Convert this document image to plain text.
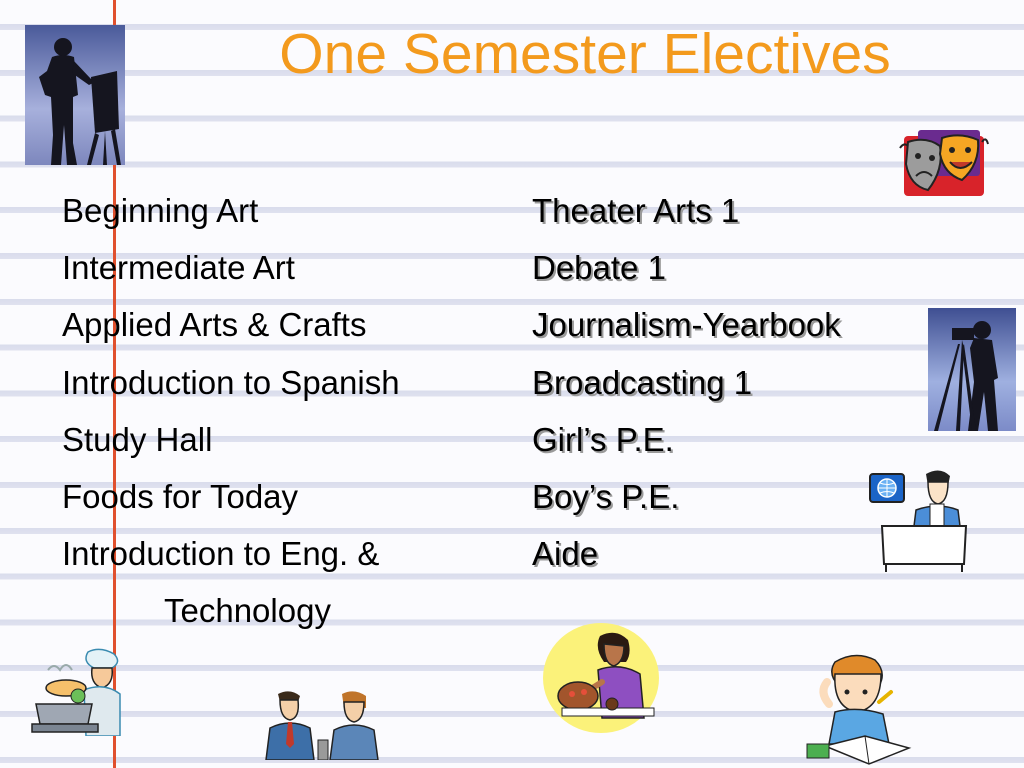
One Semester Electives
Beginning Art
Intermediate Art
Applied Arts & Crafts
Introduction to Spanish
Study Hall
Foods for Today
Introduction to Eng. &
Technology
Theater Arts 1
Debate 1
Journalism-Yearbook
Broadcasting 1
Girl’s P.E.
Boy’s P.E.
Aide
